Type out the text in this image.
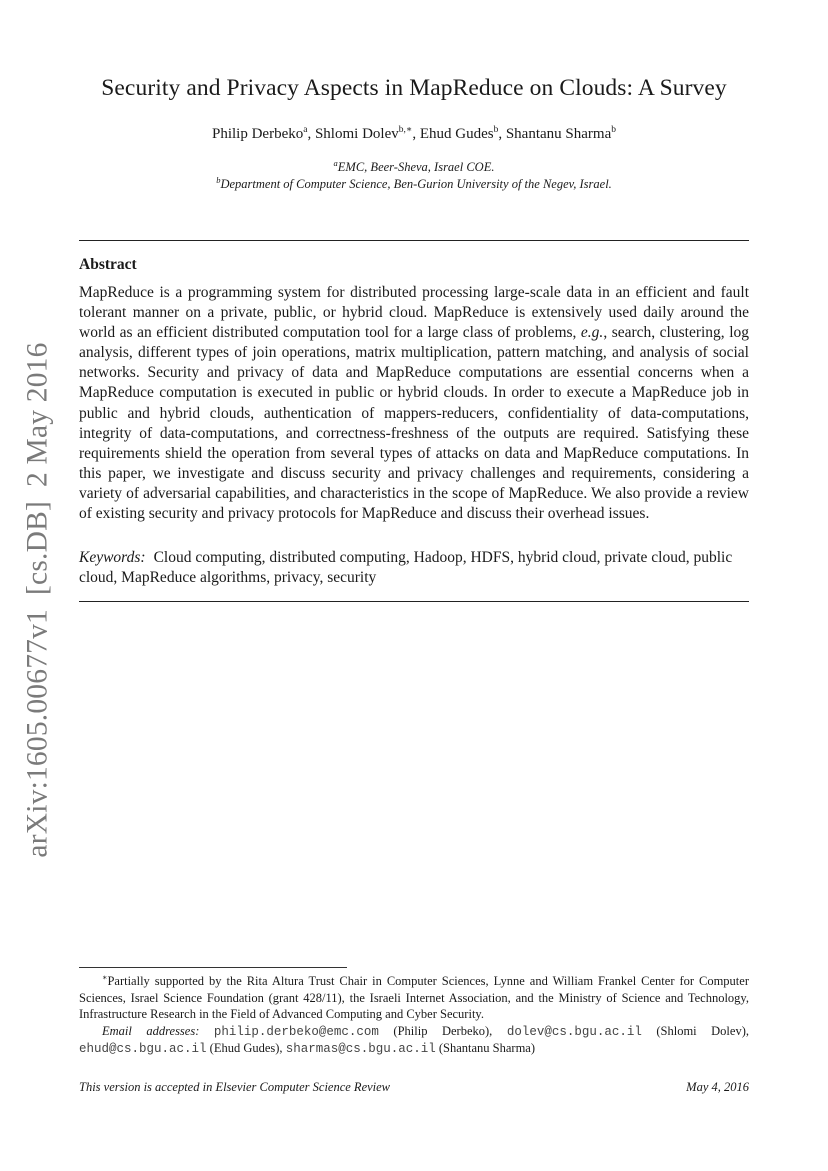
Security and Privacy Aspects in MapReduce on Clouds: A Survey
Philip Derbeko$^a$, Shlomi Dolev$^{b,∗}$, Ehud Gudes$^b$, Shantanu Sharma$^b$
$^a$EMC, Beer-Sheva, Israel COE.
$^b$Department of Computer Science, Ben-Gurion University of the Negev, Israel.
Abstract
MapReduce is a programming system for distributed processing large-scale data in an efficient and fault tolerant manner on a private, public, or hybrid cloud. MapReduce is extensively used daily around the world as an efficient distributed computation tool for a large class of problems, e.g., search, clustering, log analysis, different types of join operations, matrix multiplication, pattern matching, and analysis of social networks. Security and privacy of data and MapReduce computations are essential concerns when a MapReduce computation is executed in public or hybrid clouds. In order to execute a MapReduce job in public and hybrid clouds, authentication of mappers-reducers, confidentiality of data-computations, integrity of data-computations, and correctness-freshness of the outputs are required. Satisfying these requirements shield the operation from several types of attacks on data and MapReduce computations. In this paper, we investigate and discuss security and privacy challenges and requirements, considering a variety of adversarial capabilities, and characteristics in the scope of MapReduce. We also provide a review of existing security and privacy protocols for MapReduce and discuss their overhead issues.
Keywords: Cloud computing, distributed computing, Hadoop, HDFS, hybrid cloud, private cloud, public cloud, MapReduce algorithms, privacy, security
arXiv:1605.00677v1[cs.DB]2 May 2016
∗Partially supported by the Rita Altura Trust Chair in Computer Sciences, Lynne and William Frankel Center for Computer Sciences, Israel Science Foundation (grant 428/11), the Israeli Internet Association, and the Ministry of Science and Technology, Infrastructure Research in the Field of Advanced Computing and Cyber Security.
Email addresses: philip.derbeko@emc.com (Philip Derbeko), dolev@cs.bgu.ac.il (Shlomi Dolev), ehud@cs.bgu.ac.il (Ehud Gudes), sharmas@cs.bgu.ac.il (Shantanu Sharma)
This version is accepted in Elsevier Computer Science Review	May 4, 2016
